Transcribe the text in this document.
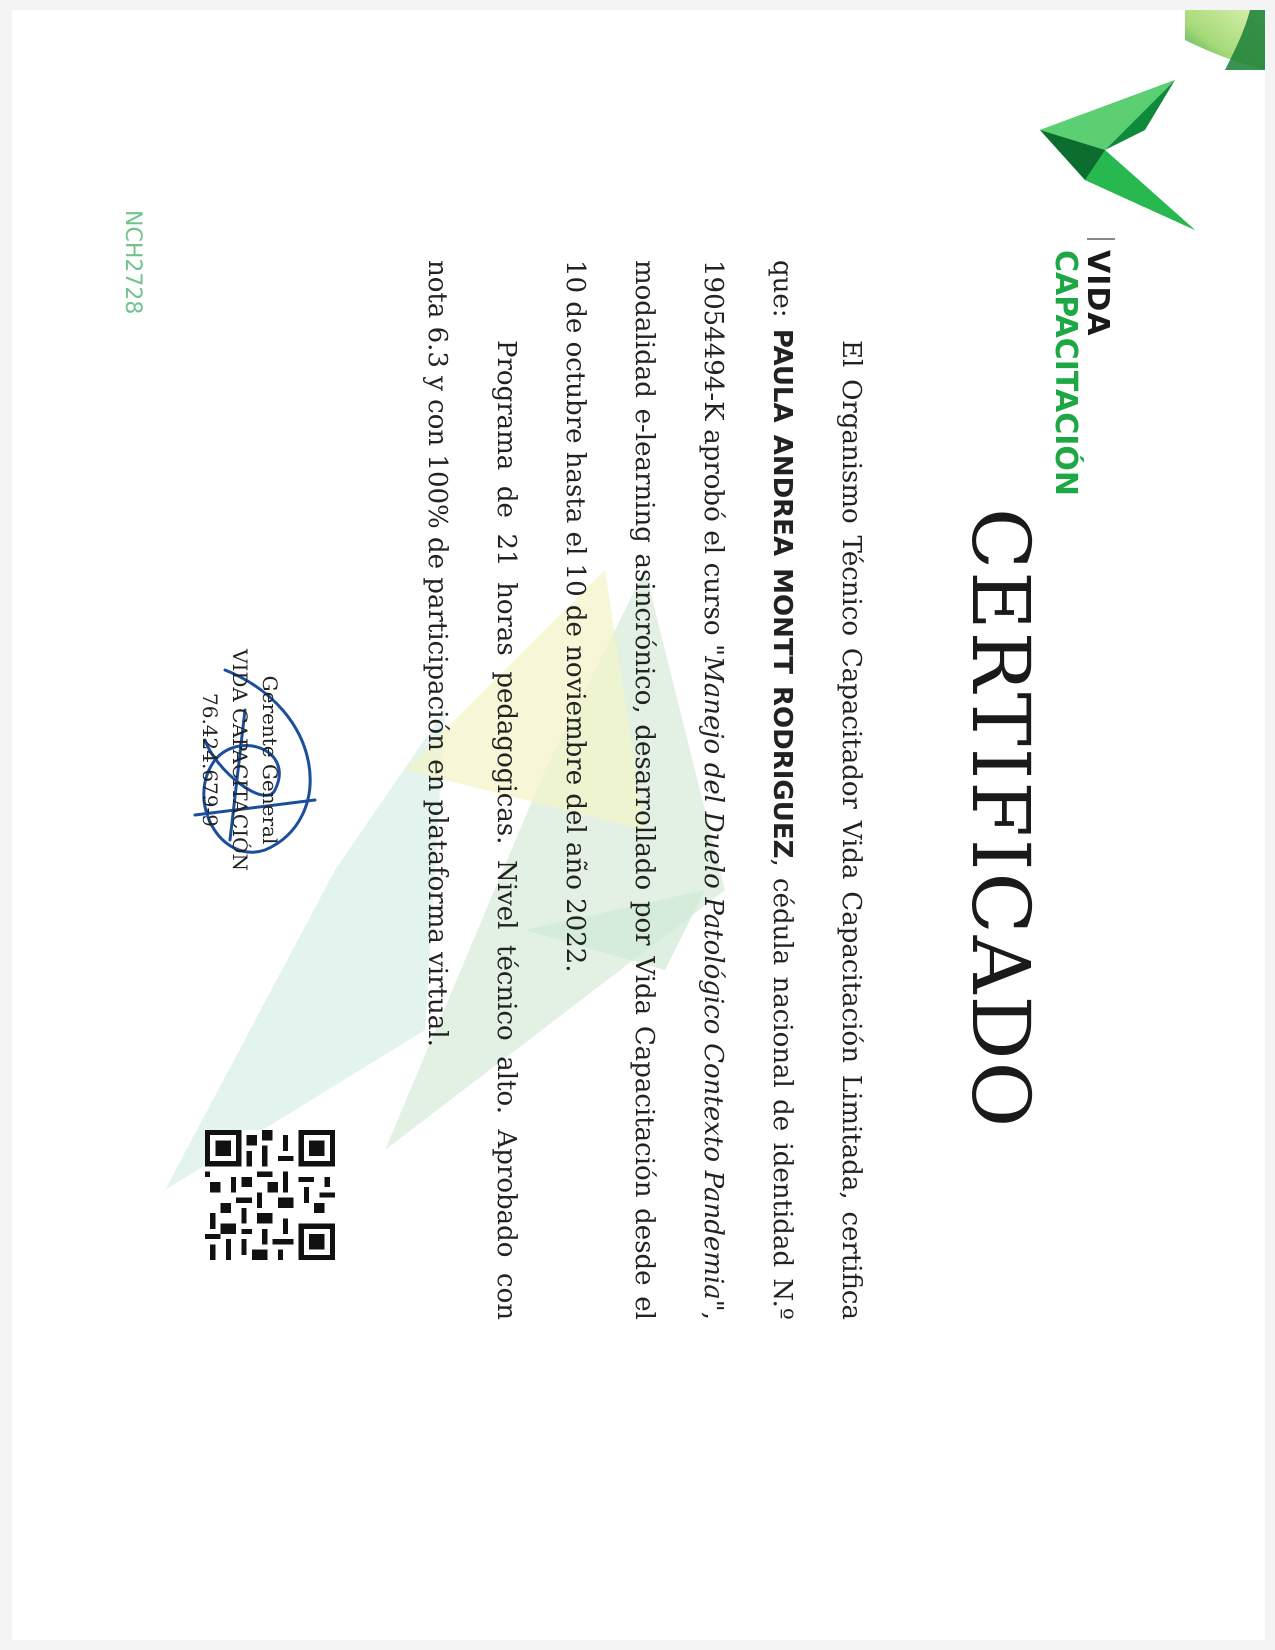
VIDA
CAPACITACIÓN
CERTIFICADO

El Organismo Técnico Capacitador Vida Capacitación Limitada, certifica que: PAULA ANDREA MONTT RODRIGUEZ, cédula nacional de identidad N.º 19054494-K aprobó el curso "Manejo del Duelo Patológico Contexto Pandemia", modalidad e-learning asincrónico, desarrollado por Vida Capacitación desde el 10 de octubre hasta el 10 de noviembre del año 2022.

Programa de 21 horas pedagogicas. Nivel técnico alto. Aprobado con nota 6.3 y con 100% de participación en plataforma virtual.

Gerente General
VIDA CAPACITACIÓN
76.424.679-9
NCH2728
